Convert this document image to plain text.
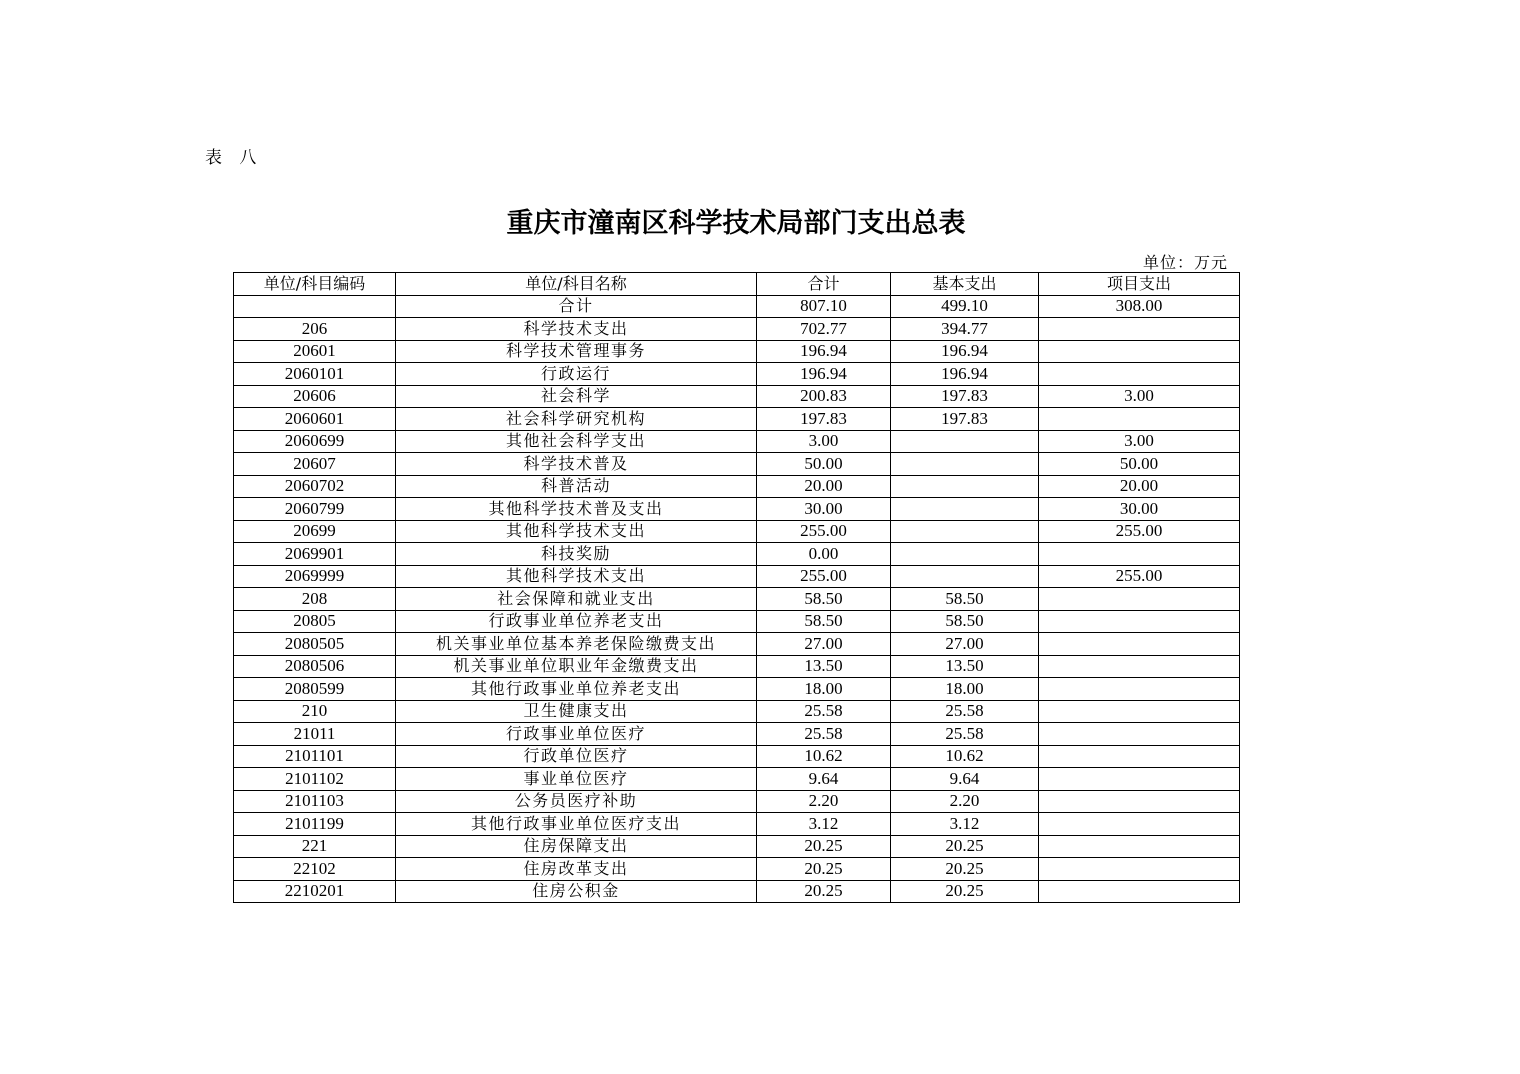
表 八
重庆市潼南区科学技术局部门支出总表
单位：万元
单位/科目编码	单位/科目名称	合计	基本支出	项目支出
	合计	807.10	499.10	308.00
206	科学技术支出	702.77	394.77	
20601	科学技术管理事务	196.94	196.94	
2060101	行政运行	196.94	196.94	
20606	社会科学	200.83	197.83	3.00
2060601	社会科学研究机构	197.83	197.83	
2060699	其他社会科学支出	3.00		3.00
20607	科学技术普及	50.00		50.00
2060702	科普活动	20.00		20.00
2060799	其他科学技术普及支出	30.00		30.00
20699	其他科学技术支出	255.00		255.00
2069901	科技奖励	0.00		
2069999	其他科学技术支出	255.00		255.00
208	社会保障和就业支出	58.50	58.50	
20805	行政事业单位养老支出	58.50	58.50	
2080505	机关事业单位基本养老保险缴费支出	27.00	27.00	
2080506	机关事业单位职业年金缴费支出	13.50	13.50	
2080599	其他行政事业单位养老支出	18.00	18.00	
210	卫生健康支出	25.58	25.58	
21011	行政事业单位医疗	25.58	25.58	
2101101	行政单位医疗	10.62	10.62	
2101102	事业单位医疗	9.64	9.64	
2101103	公务员医疗补助	2.20	2.20	
2101199	其他行政事业单位医疗支出	3.12	3.12	
221	住房保障支出	20.25	20.25	
22102	住房改革支出	20.25	20.25	
2210201	住房公积金	20.25	20.25	
